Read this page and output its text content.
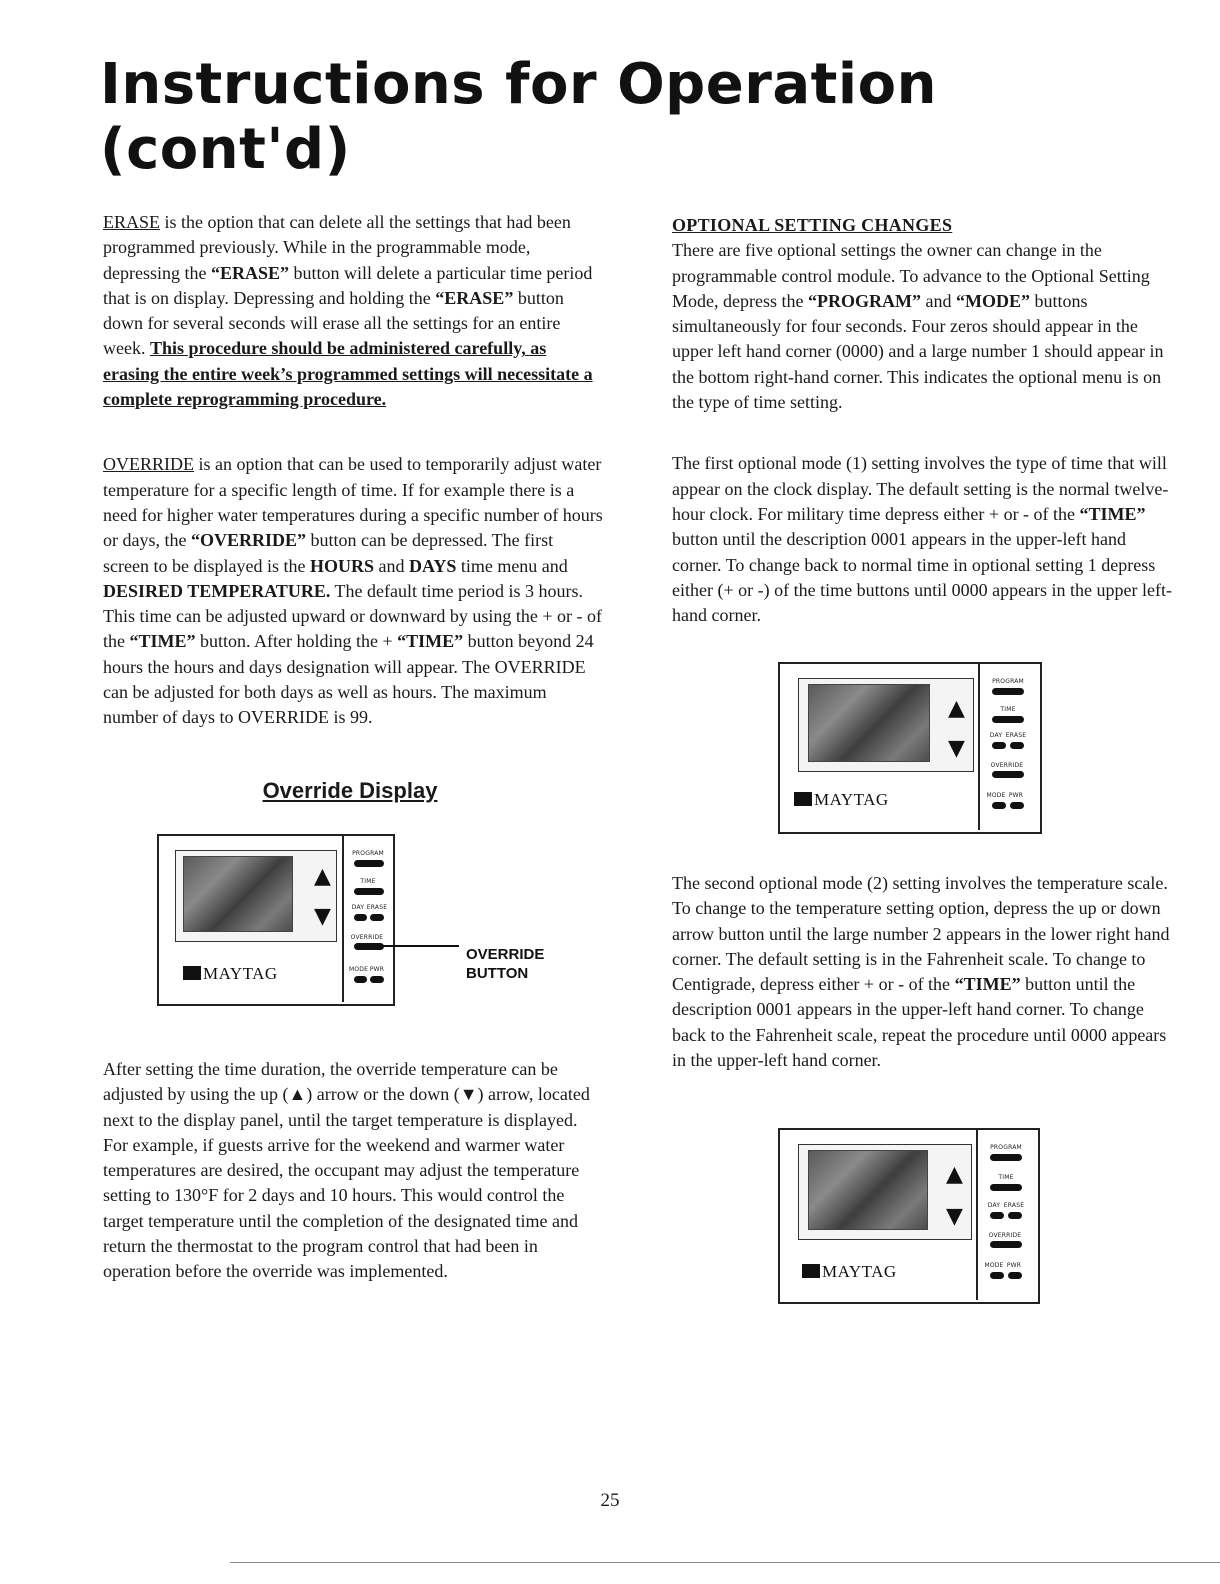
Instructions for Operation (cont'd)

ERASE is the option that can delete all the settings that had been programmed previously. While in the programmable mode, depressing the “ERASE” button will delete a particular time period that is on display. Depressing and holding the “ERASE” button down for several seconds will erase all the settings for an entire week. This procedure should be administered carefully, as erasing the entire week’s programmed settings will necessitate a complete reprogramming procedure.

OVERRIDE is an option that can be used to temporarily adjust water temperature for a specific length of time. If for example there is a need for higher water temperatures during a specific number of hours or days, the “OVERRIDE” button can be depressed. The first screen to be displayed is the HOURS and DAYS time menu and DESIRED TEMPERATURE. The default time period is 3 hours. This time can be adjusted upward or downward by using the + or - of the “TIME” button. After holding the + “TIME” button beyond 24 hours the hours and days designation will appear. The OVERRIDE can be adjusted for both days as well as hours. The maximum number of days to OVERRIDE is 99.

Override Display
▲
▼
PROGRAM
TIME
DAY ERASE
OVERRIDE
MODE PWR
MAYTAG
OVERRIDE
BUTTON

After setting the time duration, the override temperature can be adjusted by using the up (▲) arrow or the down (▼) arrow, located next to the display panel, until the target temperature is displayed. For example, if guests arrive for the weekend and warmer water temperatures are desired, the occupant may adjust the temperature setting to 130°F for 2 days and 10 hours. This would control the target temperature until the completion of the designated time and return the thermostat to the program control that had been in operation before the override was implemented.

OPTIONAL SETTING CHANGES

There are five optional settings the owner can change in the programmable control module. To advance to the Optional Setting Mode, depress the “PROGRAM” and “MODE” buttons simultaneously for four seconds. Four zeros should appear in the upper left hand corner (0000) and a large number 1 should appear in the bottom right-hand corner. This indicates the optional menu is on the type of time setting.

The first optional mode (1) setting involves the type of time that will appear on the clock display. The default setting is the normal twelve-hour clock. For military time depress either + or - of the “TIME” button until the description 0001 appears in the upper-left hand corner. To change back to normal time in optional setting 1 depress either (+ or -) of the time buttons until 0000 appears in the upper left-hand corner.

▲
▼
PROGRAM
TIME
DAY ERASE
OVERRIDE
MODE PWR
MAYTAG

The second optional mode (2) setting involves the temperature scale. To change to the temperature setting option, depress the up or down arrow button until the large number 2 appears in the lower right hand corner. The default setting is in the Fahrenheit scale. To change to Centigrade, depress either + or - of the “TIME” button until the description 0001 appears in the upper-left hand corner. To change back to the Fahrenheit scale, repeat the procedure until 0000 appears in the upper-left hand corner.

▲
▼
PROGRAM
TIME
DAY ERASE
OVERRIDE
MODE PWR
MAYTAG
25
